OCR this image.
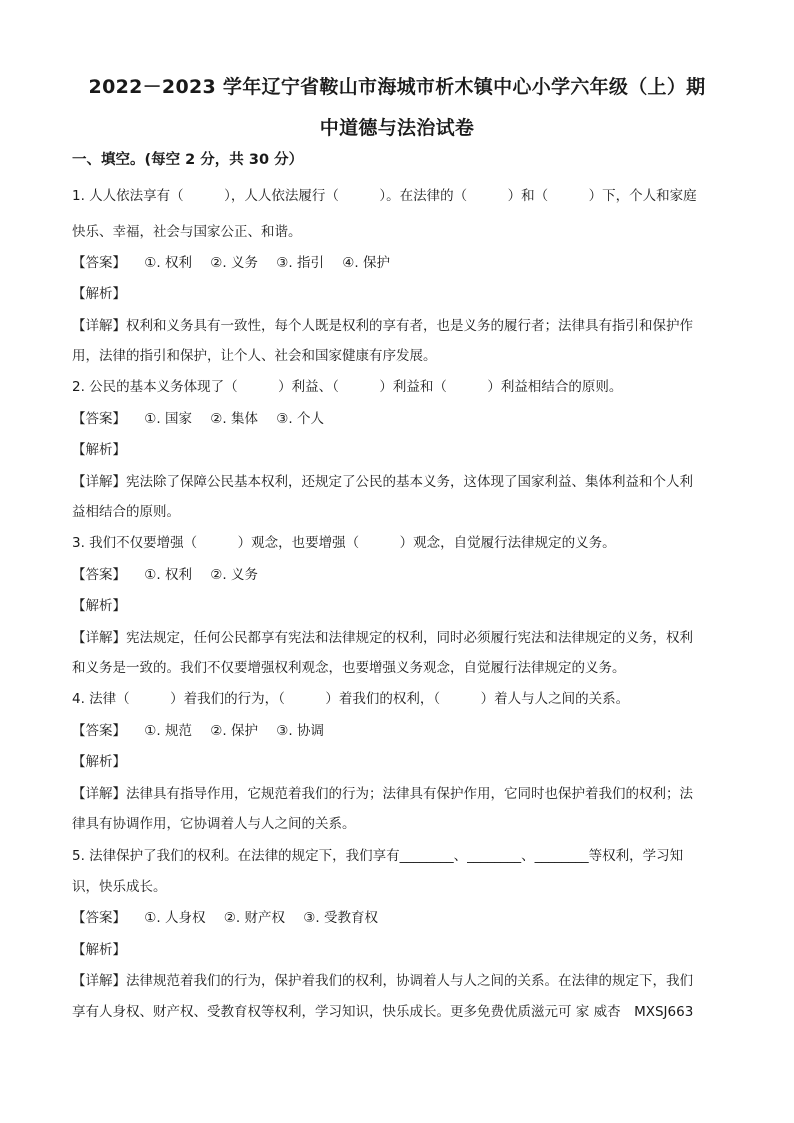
2022－2023 学年辽宁省鞍山市海城市析木镇中心小学六年级（上）期
中道德与法治试卷
一、填空。(每空 2 分，共 30 分）
1. 人人依法享有（　　　），人人依法履行（　　　）。在法律的（　　　）和（　　　）下，个人和家庭
快乐、幸福，社会与国家公正、和谐。
【答案】 ①. 权利 ②. 义务 ③. 指引 ④. 保护
【解析】
【详解】权利和义务具有一致性，每个人既是权利的享有者，也是义务的履行者；法律具有指引和保护作
用，法律的指引和保护，让个人、社会和国家健康有序发展。
2. 公民的基本义务体现了（　　　）利益、（　　　）利益和（　　　）利益相结合的原则。
【答案】 ①. 国家 ②. 集体 ③. 个人
【解析】
【详解】宪法除了保障公民基本权利，还规定了公民的基本义务，这体现了国家利益、集体利益和个人利
益相结合的原则。
3. 我们不仅要增强（　　　）观念，也要增强（　　　）观念，自觉履行法律规定的义务。
【答案】 ①. 权利 ②. 义务
【解析】
【详解】宪法规定，任何公民都享有宪法和法律规定的权利，同时必须履行宪法和法律规定的义务，权利
和义务是一致的。我们不仅要增强权利观念，也要增强义务观念，自觉履行法律规定的义务。
4. 法律（　　　）着我们的行为，（　　　）着我们的权利，（　　　）着人与人之间的关系。
【答案】 ①. 规范 ②. 保护 ③. 协调
【解析】
【详解】法律具有指导作用，它规范着我们的行为；法律具有保护作用，它同时也保护着我们的权利；法
律具有协调作用，它协调着人与人之间的关系。
5. 法律保护了我们的权利。在法律的规定下，我们享有________、________、________等权利，学习知
识，快乐成长。
【答案】 ①. 人身权 ②. 财产权 ③. 受教育权
【解析】
【详解】法律规范着我们的行为，保护着我们的权利，协调着人与人之间的关系。在法律的规定下，我们
享有人身权、财产权、受教育权等权利，学习知识，快乐成长。更多免费优质滋元可 家 威杏　MXSJ663
